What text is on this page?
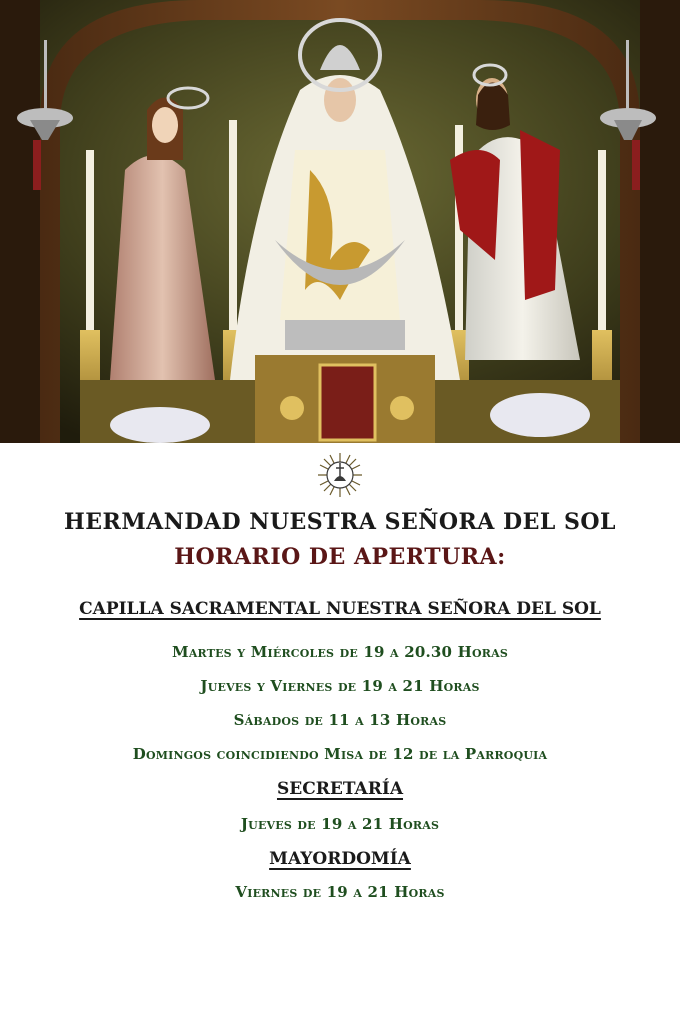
HERMANDAD NUESTRA SEÑORA DEL SOL
HORARIO DE APERTURA:
CAPILLA SACRAMENTAL NUESTRA SEÑORA DEL SOL
Martes y Miércoles de 19 a 20.30 Horas
Jueves y Viernes de 19 a 21 Horas
Sábados de 11 a 13 Horas
Domingos coincidiendo Misa de 12 de la Parroquia
SECRETARÍA
Jueves de 19 a 21 Horas
MAYORDOMÍA
Viernes de 19 a 21 Horas
